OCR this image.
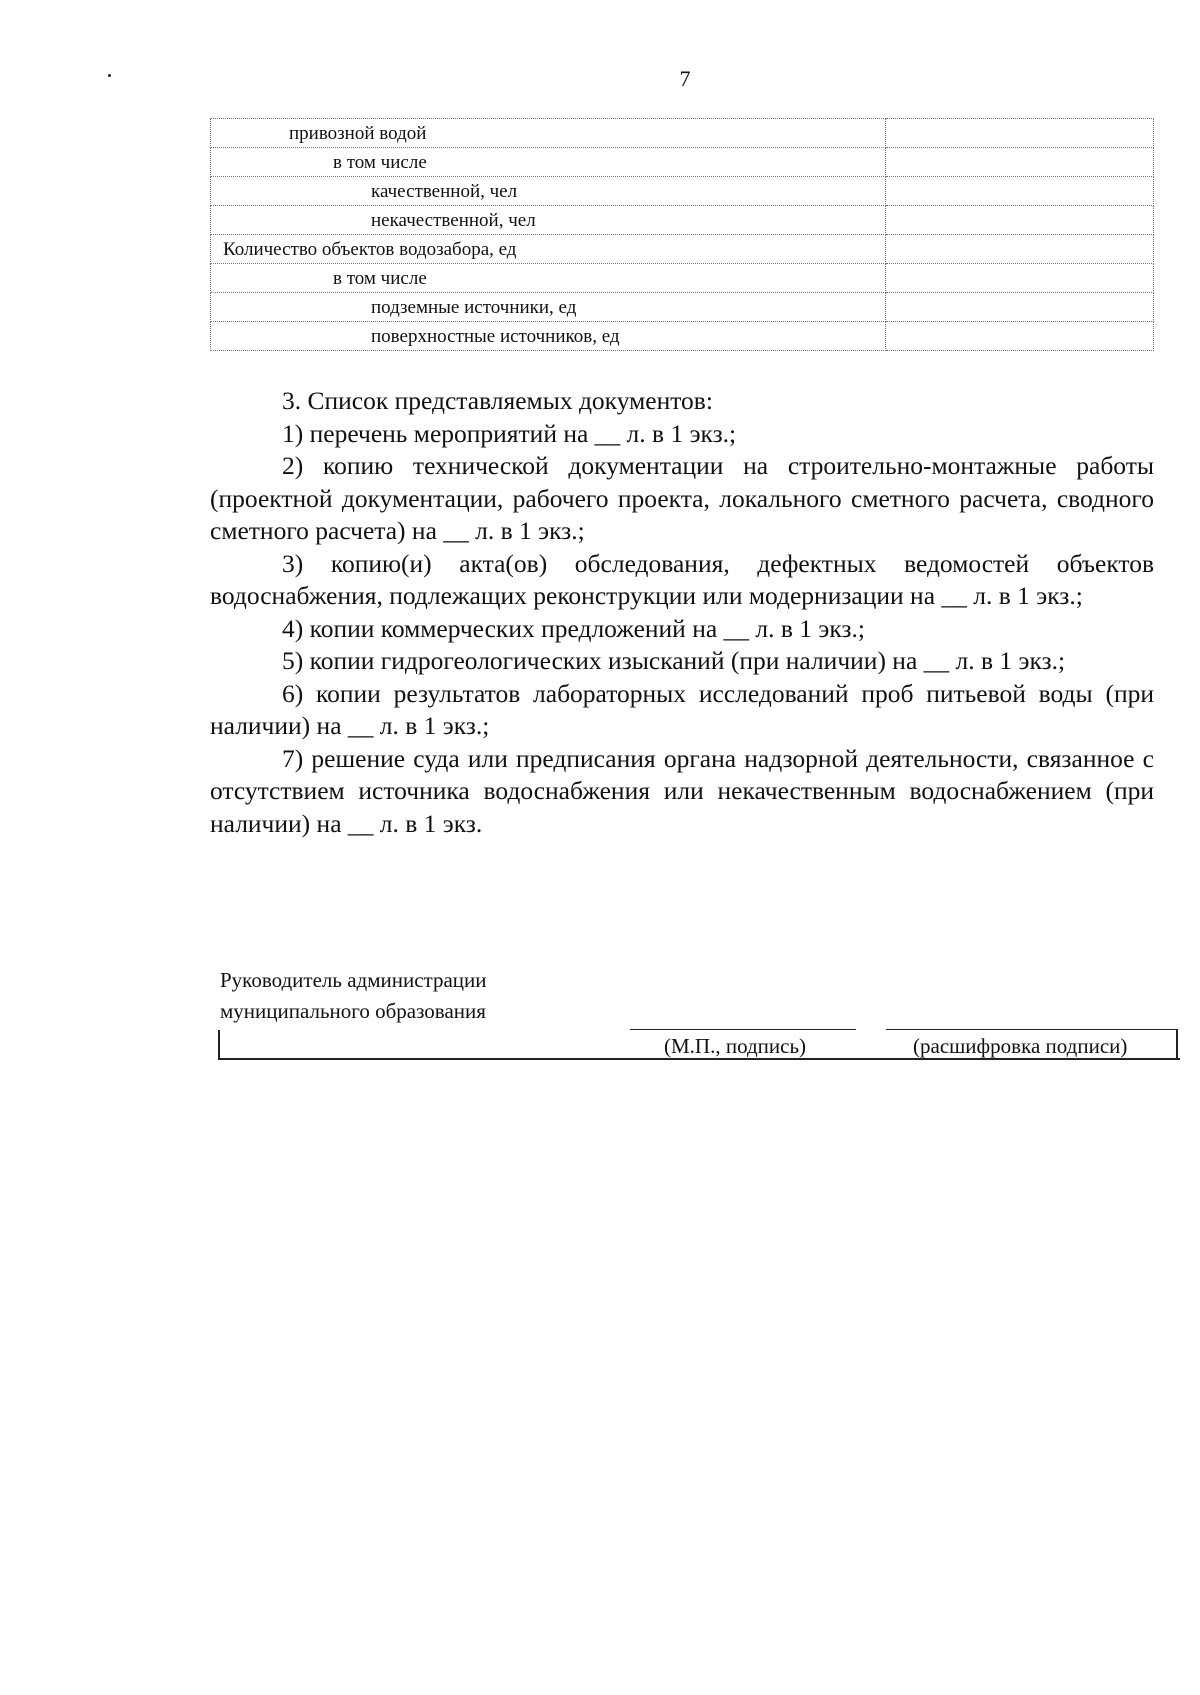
7
привозной водой	
в том числе	
качественной, чел	
некачественной, чел	
Количество объектов водозабора, ед	
в том числе	
подземные источники, ед	
поверхностные источников, ед	

3. Список представляемых документов:

1) перечень мероприятий на __ л. в 1 экз.;

2) копию технической документации на строительно-монтажные работы (проектной документации, рабочего проекта, локального сметного расчета, сводного сметного расчета) на __ л. в 1 экз.;

3) копию(и) акта(ов) обследования, дефектных ведомостей объектов водоснабжения, подлежащих реконструкции или модернизации на __ л. в 1 экз.;

4) копии коммерческих предложений на __ л. в 1 экз.;

5) копии гидрогеологических изысканий (при наличии) на __ л. в 1 экз.;

6) копии результатов лабораторных исследований проб питьевой воды (при наличии) на __ л. в 1 экз.;

7) решение суда или предписания органа надзорной деятельности, связанное с отсутствием источника водоснабжения или некачественным водоснабжением (при наличии) на __ л. в 1 экз.

Руководитель администрации
муниципального образования
(М.П., подпись)	(расшифровка подписи)
